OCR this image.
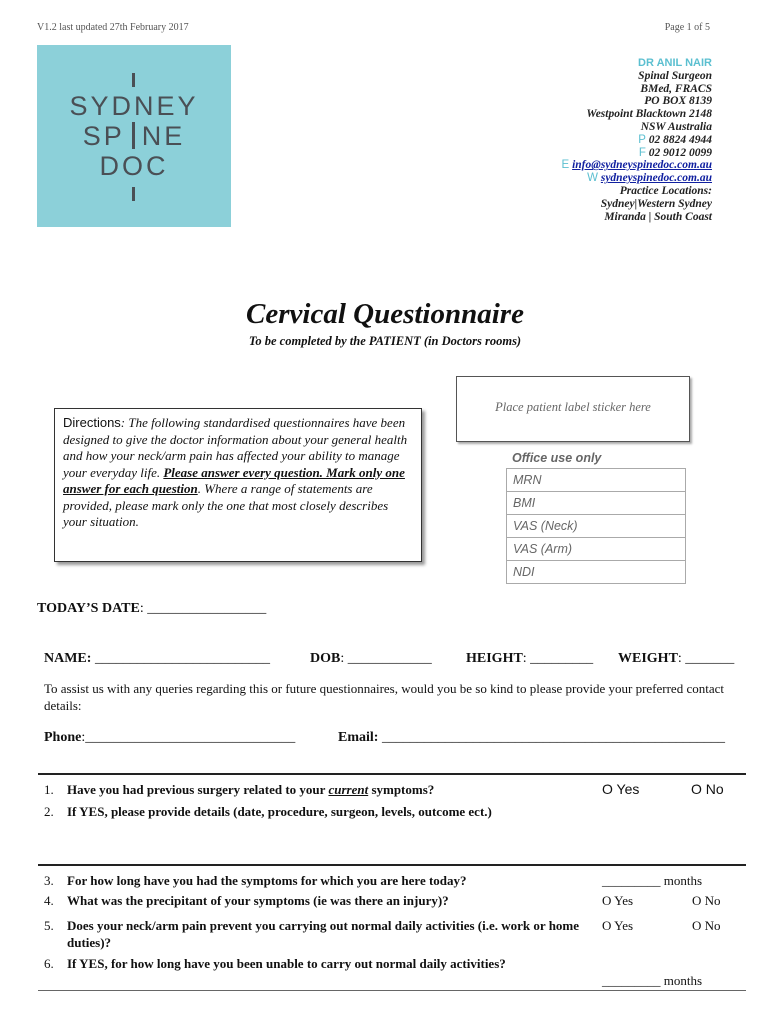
V1.2 last updated 27th February 2017	Page 1 of 5
SYDNEY
SP NE
DOC
DR ANIL NAIR
Spinal Surgeon
BMed, FRACS
PO BOX 8139
Westpoint Blacktown 2148
NSW Australia
P 02 8824 4944
F 02 9012 0099
E info@sydneyspinedoc.com.au
W sydneyspinedoc.com.au
Practice Locations:
Sydney|Western Sydney
Miranda | South Coast
Cervical Questionnaire
To be completed by the PATIENT (in Doctors rooms)
Directions: The following standardised questionnaires have been designed to give the doctor information about your general health and how your neck/arm pain has affected your ability to manage your everyday life. Please answer every question. Mark only one answer for each question. Where a range of statements are provided, please mark only the one that most closely describes your situation.
Place patient label sticker here
Office use only
MRN
BMI
VAS (Neck)
VAS (Arm)
NDI
TODAY’S DATE: _________________
NAME: _________________________	DOB: ____________ HEIGHT: _________ WEIGHT: _______
To assist us with any queries regarding this or future questionnaires, would you be so kind to please provide your preferred contact details:
Phone:______________________________	Email: _________________________________________________
1. Have you had previous surgery related to your current symptoms?	O Yes	O No
2. If YES, please provide details (date, procedure, surgeon, levels, outcome ect.)
3. For how long have you had the symptoms for which you are here today?	_________ months
4. What was the precipitant of your symptoms (ie was there an injury)?	O Yes	O No
5. Does your neck/arm pain prevent you carrying out normal daily activities (i.e. work or home duties)?
O Yes	O No
6. If YES, for how long have you been unable to carry out normal daily activities?
_________ months
